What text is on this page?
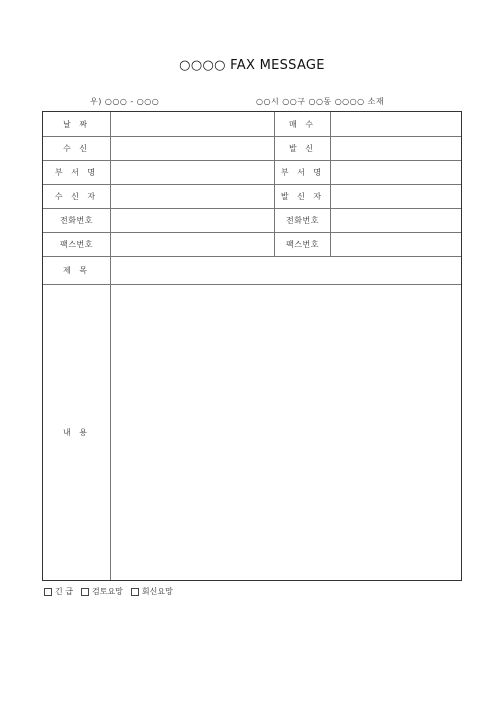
○○○○ FAX MESSAGE
우) ○○○ - ○○○	○○시 ○○구 ○○동 ○○○○ 소재
날 짜	매 수
수 신	발 신
부 서 명	부 서 명
수 신 자	발 신 자
전화번호	전화번호
팩스번호	팩스번호
제 목
내 용
긴 급 검토요망 회신요망
